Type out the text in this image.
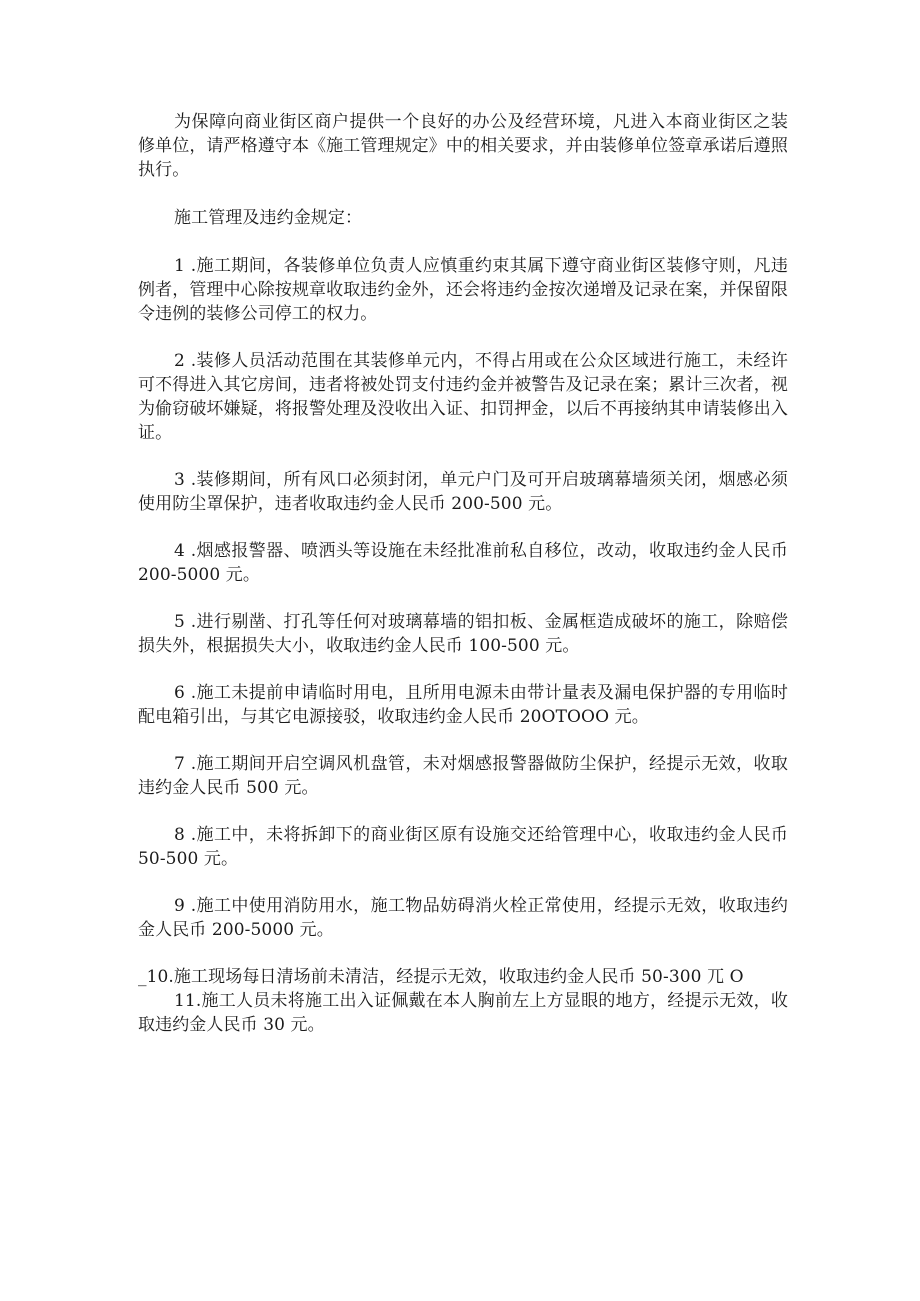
为保障向商业街区商户提供一个良好的办公及经营环境，凡进入本商业街区之装修单位，请严格遵守本《施工管理规定》中的相关要求，并由装修单位签章承诺后遵照执行。

施工管理及违约金规定：

1 .施工期间，各装修单位负责人应慎重约束其属下遵守商业街区装修守则，凡违例者，管理中心除按规章收取违约金外，还会将违约金按次递增及记录在案，并保留限令违例的装修公司停工的权力。

2 .装修人员活动范围在其装修单元内，不得占用或在公众区域进行施工，未经许可不得进入其它房间，违者将被处罚支付违约金并被警告及记录在案；累计三次者，视为偷窃破坏嫌疑，将报警处理及没收出入证、扣罚押金，以后不再接纳其申请装修出入证。

3 .装修期间，所有风口必须封闭，单元户门及可开启玻璃幕墙须关闭，烟感必须使用防尘罩保护，违者收取违约金人民币 200-500 元。

4 .烟感报警器、喷洒头等设施在未经批准前私自移位，改动，收取违约金人民币 200-5000 元。

5 .进行剔凿、打孔等任何对玻璃幕墙的铝扣板、金属框造成破坏的施工，除赔偿损失外，根据损失大小，收取违约金人民币 100-500 元。

6 .施工未提前申请临时用电，且所用电源未由带计量表及漏电保护器的专用临时配电箱引出，与其它电源接驳，收取违约金人民币 20OTOOO 元。

7 .施工期间开启空调风机盘管，未对烟感报警器做防尘保护，经提示无效，收取违约金人民币 500 元。

8 .施工中，未将拆卸下的商业街区原有设施交还给管理中心，收取违约金人民币 50-500 元。

9 .施工中使用消防用水，施工物品妨碍消火栓正常使用，经提示无效，收取违约金人民币 200-5000 元。

_10.施工现场每日清场前未清洁，经提示无效，收取违约金人民币 50-300 兀 O

11.施工人员未将施工出入证佩戴在本人胸前左上方显眼的地方，经提示无效，收取违约金人民币 30 元。
